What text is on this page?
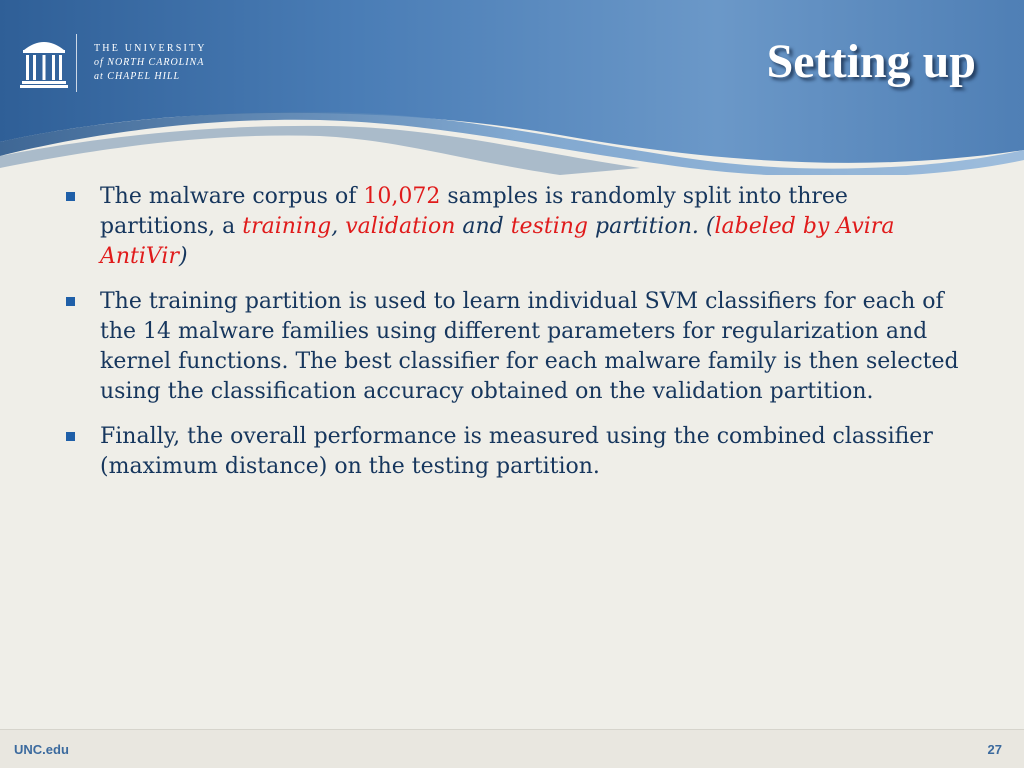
THE UNIVERSITY
of NORTH CAROLINA
at CHAPEL HILL	Setting up
The malware corpus of 10,072 samples is randomly split into three partitions, a training, validation and testing partition. (labeled by Avira AntiVir)
The training partition is used to learn individual SVM classifiers for each of the 14 malware families using different parameters for regularization and kernel functions. The best classifier for each malware family is then selected using the classification accuracy obtained on the validation partition.
Finally, the overall performance is measured using the combined classifier (maximum distance) on the testing partition.
UNC.edu	27
